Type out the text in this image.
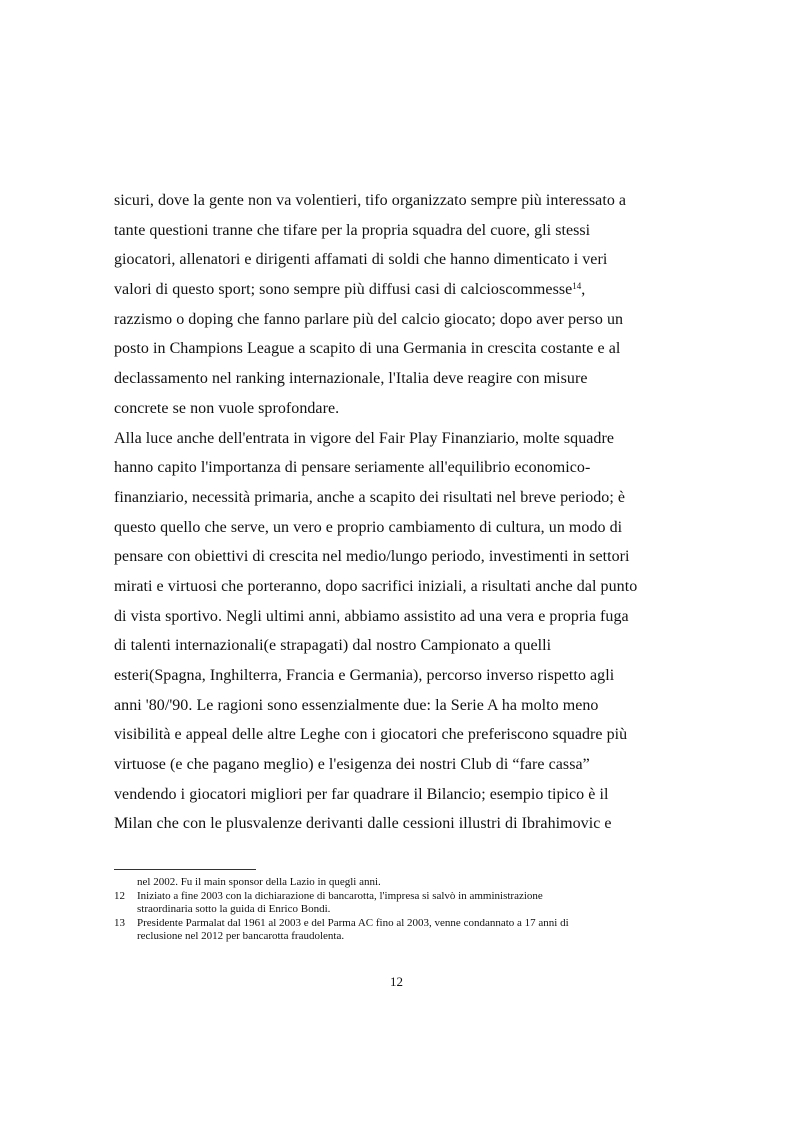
sicuri, dove la gente non va volentieri, tifo organizzato sempre più interessato a
tante questioni tranne che tifare per la propria squadra del cuore, gli stessi
giocatori, allenatori e dirigenti affamati di soldi che hanno dimenticato i veri
valori di questo sport; sono sempre più diffusi casi di calcioscommesse$^{14}$,
razzismo o doping che fanno parlare più del calcio giocato; dopo aver perso un
posto in Champions League a scapito di una Germania in crescita costante e al
declassamento nel ranking internazionale, l'Italia deve reagire con misure
concrete se non vuole sprofondare.
Alla luce anche dell'entrata in vigore del Fair Play Finanziario, molte squadre
hanno capito l'importanza di pensare seriamente all'equilibrio economico-
finanziario, necessità primaria, anche a scapito dei risultati nel breve periodo; è
questo quello che serve, un vero e proprio cambiamento di cultura, un modo di
pensare con obiettivi di crescita nel medio/lungo periodo, investimenti in settori
mirati e virtuosi che porteranno, dopo sacrifici iniziali, a risultati anche dal punto
di vista sportivo. Negli ultimi anni, abbiamo assistito ad una vera e propria fuga
di talenti internazionali(e strapagati) dal nostro Campionato a quelli
esteri(Spagna, Inghilterra, Francia e Germania), percorso inverso rispetto agli
anni '80/'90. Le ragioni sono essenzialmente due: la Serie A ha molto meno
visibilità e appeal delle altre Leghe con i giocatori che preferiscono squadre più
virtuose (e che pagano meglio) e l'esigenza dei nostri Club di “fare cassa”
vendendo i giocatori migliori per far quadrare il Bilancio; esempio tipico è il
Milan che con le plusvalenze derivanti dalle cessioni illustri di Ibrahimovic e
nel 2002. Fu il main sponsor della Lazio in quegli anni.
12	Iniziato a fine 2003 con la dichiarazione di bancarotta, l'impresa si salvò in amministrazione
straordinaria sotto la guida di Enrico Bondi.
13	Presidente Parmalat dal 1961 al 2003 e del Parma AC fino al 2003, venne condannato a 17 anni di
reclusione nel 2012 per bancarotta fraudolenta.
12
